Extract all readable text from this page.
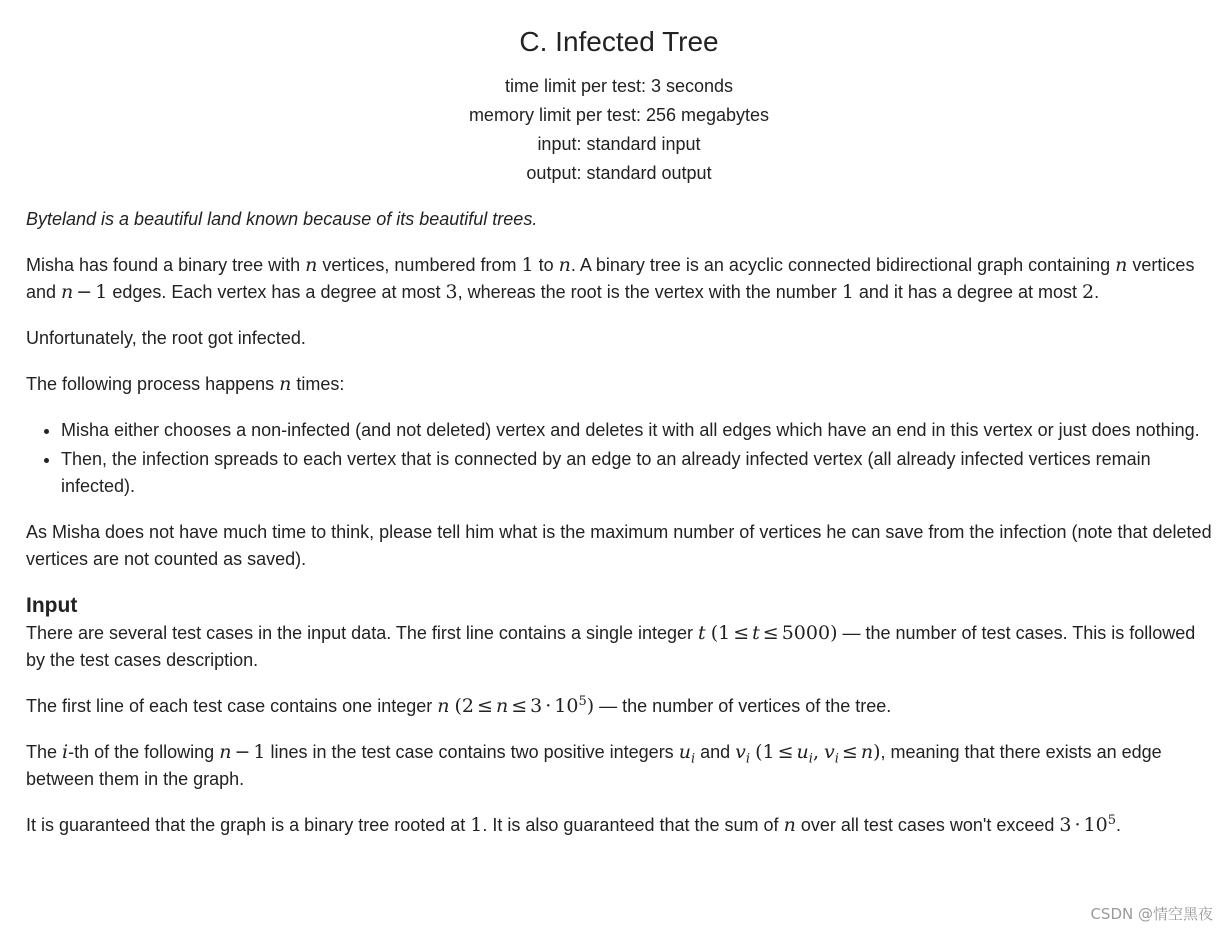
C. Infected Tree
time limit per test: 3 seconds
memory limit per test: 256 megabytes
input: standard input
output: standard output
Byteland is a beautiful land known because of its beautiful trees.

Misha has found a binary tree with n vertices, numbered from 1 to n. A binary tree is an acyclic connected bidirectional graph containing n vertices and n − 1 edges. Each vertex has a degree at most 3, whereas the root is the vertex with the number 1 and it has a degree at most 2.

Unfortunately, the root got infected.

The following process happens n times:

• Misha either chooses a non-infected (and not deleted) vertex and deletes it with all edges which have an end in this vertex or just does nothing.
• Then, the infection spreads to each vertex that is connected by an edge to an already infected vertex (all already infected vertices remain infected).

As Misha does not have much time to think, please tell him what is the maximum number of vertices he can save from the infection (note that deleted vertices are not counted as saved).

Input

There are several test cases in the input data. The first line contains a single integer t (1 ≤ t ≤ 5000) — the number of test cases. This is followed by the test cases description.

The first line of each test case contains one integer n $(2 \le n \le 3 \cdot 10^5)$ — the number of vertices of the tree.

The i-th of the following n − 1 lines in the test case contains two positive integers $u_i$ and $v_i$ ($1 \le u_i$, $v_i \le n$), meaning that there exists an edge between them in the graph.

It is guaranteed that the graph is a binary tree rooted at 1. It is also guaranteed that the sum of n over all test cases won't exceed $3 \cdot 10^5$.

CSDN @情空黑夜
